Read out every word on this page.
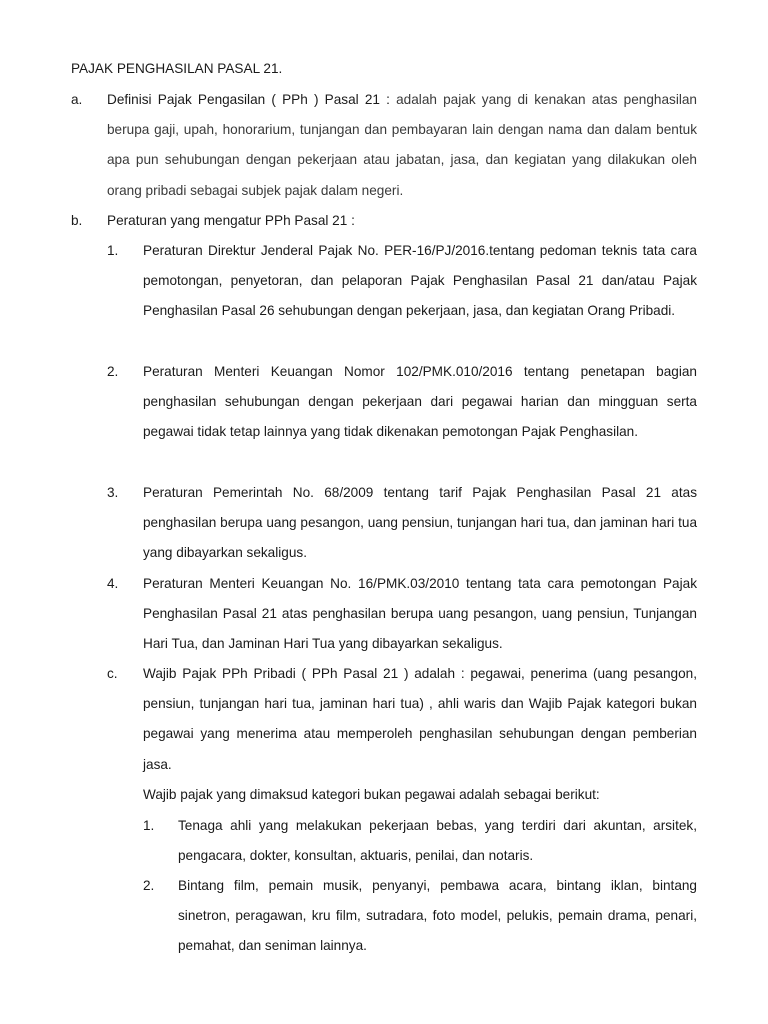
PAJAK PENGHASILAN PASAL 21.
a. Definisi Pajak Pengasilan ( PPh ) Pasal 21 : adalah pajak yang di kenakan atas penghasilan berupa gaji, upah, honorarium, tunjangan dan pembayaran lain dengan nama dan dalam bentuk apa pun sehubungan dengan pekerjaan atau jabatan, jasa, dan kegiatan yang dilakukan oleh orang pribadi sebagai subjek pajak dalam negeri.
b. Peraturan yang mengatur PPh Pasal 21 :
1. Peraturan Direktur Jenderal Pajak No. PER-16/PJ/2016.tentang pedoman teknis tata cara pemotongan, penyetoran, dan pelaporan Pajak Penghasilan Pasal 21 dan/atau Pajak Penghasilan Pasal 26 sehubungan dengan pekerjaan, jasa, dan kegiatan Orang Pribadi.
2. Peraturan Menteri Keuangan Nomor 102/PMK.010/2016 tentang penetapan bagian penghasilan sehubungan dengan pekerjaan dari pegawai harian dan mingguan serta pegawai tidak tetap lainnya yang tidak dikenakan pemotongan Pajak Penghasilan.
3. Peraturan Pemerintah No. 68/2009 tentang tarif Pajak Penghasilan Pasal 21 atas penghasilan berupa uang pesangon, uang pensiun, tunjangan hari tua, dan jaminan hari tua yang dibayarkan sekaligus.
4. Peraturan Menteri Keuangan No. 16/PMK.03/2010 tentang tata cara pemotongan Pajak Penghasilan Pasal 21 atas penghasilan berupa uang pesangon, uang pensiun, Tunjangan Hari Tua, dan Jaminan Hari Tua yang dibayarkan sekaligus.
c. Wajib Pajak PPh Pribadi ( PPh Pasal 21 ) adalah : pegawai, penerima (uang pesangon, pensiun, tunjangan hari tua, jaminan hari tua) , ahli waris dan Wajib Pajak kategori bukan pegawai yang menerima atau memperoleh penghasilan sehubungan dengan pemberian jasa.
Wajib pajak yang dimaksud kategori bukan pegawai adalah sebagai berikut:
1. Tenaga ahli yang melakukan pekerjaan bebas, yang terdiri dari akuntan, arsitek, pengacara, dokter, konsultan, aktuaris, penilai, dan notaris.
2. Bintang film, pemain musik, penyanyi, pembawa acara, bintang iklan, bintang sinetron, peragawan, kru film, sutradara, foto model, pelukis, pemain drama, penari, pemahat, dan seniman lainnya.
